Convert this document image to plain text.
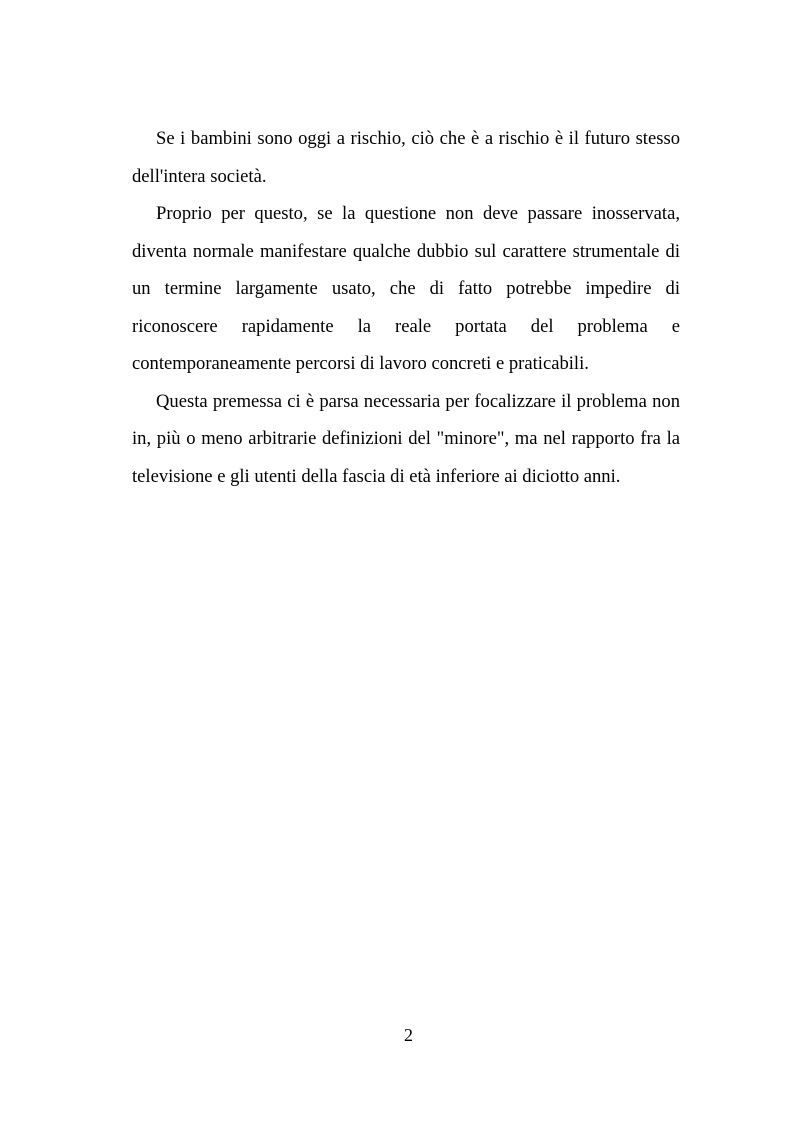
Se i bambini sono oggi a rischio, ciò che è a rischio è il futuro stesso dell'intera società.

Proprio per questo, se la questione non deve passare inosservata, diventa normale manifestare qualche dubbio sul carattere strumentale di un termine largamente usato, che di fatto potrebbe impedire di riconoscere rapidamente la reale portata del problema e contemporaneamente percorsi di lavoro concreti e praticabili.

Questa premessa ci è parsa necessaria per focalizzare il problema non in, più o meno arbitrarie definizioni del "minore", ma nel rapporto fra la televisione e gli utenti della fascia di età inferiore ai diciotto anni.

2
